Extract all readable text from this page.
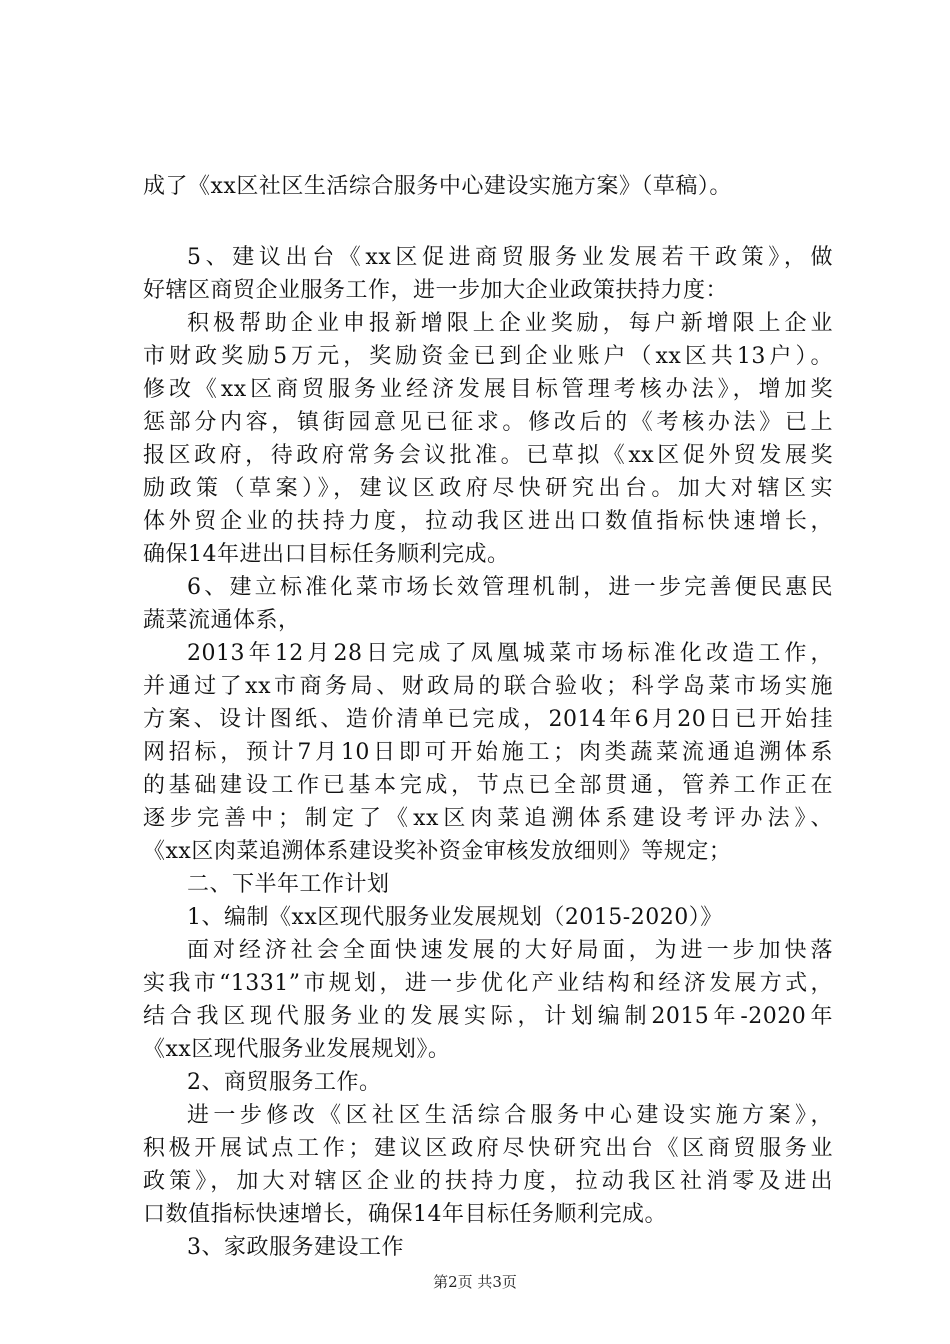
成了《xx区社区生活综合服务中心建设实施方案》（草稿）。
5、建议出台《xx区促进商贸服务业发展若干政策》，做
好辖区商贸企业服务工作，进一步加大企业政策扶持力度：
积极帮助企业申报新增限上企业奖励，每户新增限上企业
市财政奖励5万元，奖励资金已到企业账户（xx区共13户）。
修改《xx区商贸服务业经济发展目标管理考核办法》，增加奖
惩部分内容，镇街园意见已征求。修改后的《考核办法》已上
报区政府，待政府常务会议批准。已草拟《xx区促外贸发展奖
励政策（草案）》，建议区政府尽快研究出台。加大对辖区实
体外贸企业的扶持力度，拉动我区进出口数值指标快速增长，
确保14年进出口目标任务顺利完成。
6、建立标准化菜市场长效管理机制，进一步完善便民惠民
蔬菜流通体系，
2013年12月28日完成了凤凰城菜市场标准化改造工作，
并通过了xx市商务局、财政局的联合验收；科学岛菜市场实施
方案、设计图纸、造价清单已完成，2014年6月20日已开始挂
网招标，预计7月10日即可开始施工；肉类蔬菜流通追溯体系
的基础建设工作已基本完成，节点已全部贯通，管养工作正在
逐步完善中；制定了《xx区肉菜追溯体系建设考评办法》、
《xx区肉菜追溯体系建设奖补资金审核发放细则》等规定；
二、下半年工作计划
1、编制《xx区现代服务业发展规划（2015-2020）》
面对经济社会全面快速发展的大好局面，为进一步加快落
实我市“1331”市规划，进一步优化产业结构和经济发展方式，
结合我区现代服务业的发展实际，计划编制2015年-2020年
《xx区现代服务业发展规划》。
2、商贸服务工作。
进一步修改《区社区生活综合服务中心建设实施方案》，
积极开展试点工作；建议区政府尽快研究出台《区商贸服务业
政策》，加大对辖区企业的扶持力度，拉动我区社消零及进出
口数值指标快速增长，确保14年目标任务顺利完成。
3、家政服务建设工作
第2页 共3页
